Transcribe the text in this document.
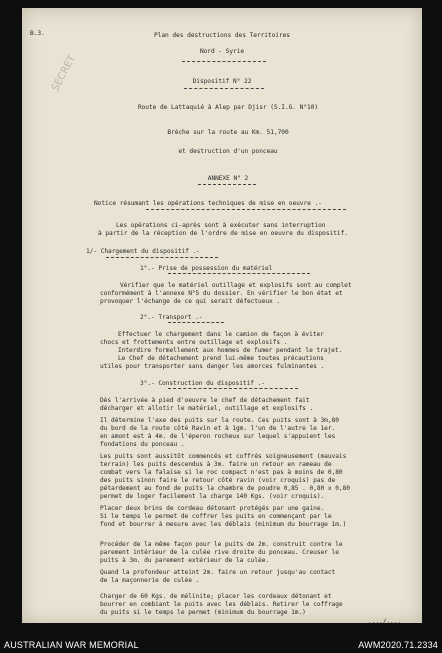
B.3.
SECRET
Plan des destructions des Territoires
Nord - Syrie
Dispositif N° 22
Route de Lattaquié à Alep par Djisr (S.I.G. N°10)
Brèche sur la route au Km. 51,700
et destruction d'un ponceau
ANNEXE N° 2
Notice résumant les opérations techniques de mise en oeuvre .-
Les opérations ci-après sont à exécuter sans interruption
à partir de la réception de l'ordre de mise en oeuvre du dispositif.
1/- Chargement du dispositif .-
1°.- Prise de possession du matériel
Vérifier que le matériel outillage et explosifs sont au complet
conformément à l'annexe N°5 du dossier. En vérifier le bon état et
provoquer l'échange de ce qui serait défectueux .
2°.- Transport .-
Effectuer le chargement dans le camion de façon à éviter
chocs et frottements entre outillage et explosifs .
Interdire formellement aux hommes de fumer pendant le trajet.
Le Chef de détachement prend lui-même toutes précautions
utiles pour transporter sans danger les amorces fulminantes .
3°.- Construction du dispositif .-
Dès l'arrivée à pied d'oeuvre le chef de détachement fait
décharger et allotir le matériel, outillage et explosifs .
Il détermine l'axe des puits sur la route. Ces puits sont à 3m,80
du bord de la route côté Ravin et à 1gm. l'un de l'autre le 1er.
en amont est à 4m. de l'éperon rocheux sur lequel s'appuient les
fondations du ponceau .
Les puits sont aussitôt commencés et coffrés soigneusement (mauvais
terrain) les puits descendus à 3m. faire un retour en rameau de
combat vers la falaise si le roc compact n'est pas à moins de 0,80
des puits sinon faire le retour côté ravin (voir croquis) pas de
pétardement au fond de puits la chambre de poudre 0,85 . 0,80 x 0,80
permet de loger facilement la charge 140 Kgs. (voir croquis).
Placer deux brins de cordeau détonant protégés par une gaine.
Si le temps le permet de coffrer les puits en commençant par le
fond et bourrer à mesure avec les déblais (minimum du bourrage 1m.)
Procéder de la même façon pour le puits de 2m. construit contre le
parement intérieur de la culée rive droite du ponceau. Creuser le
puits à 3m. du parement extérieur de la culée.
Quand la profondeur atteint 2m. faire un retour jusqu'au contact
de la maçonnerie de culée .
Charger de 60 Kgs. de mélinite; placer les cordeaux détonant et
bourrer en combiant le puits avec les déblais. Retirer le coffrage
du puits si le temps le permet (minimum du bourrage 1m.)
..../....
AUSTRALIAN WAR MEMORIAL	AWM2020.71.2334
